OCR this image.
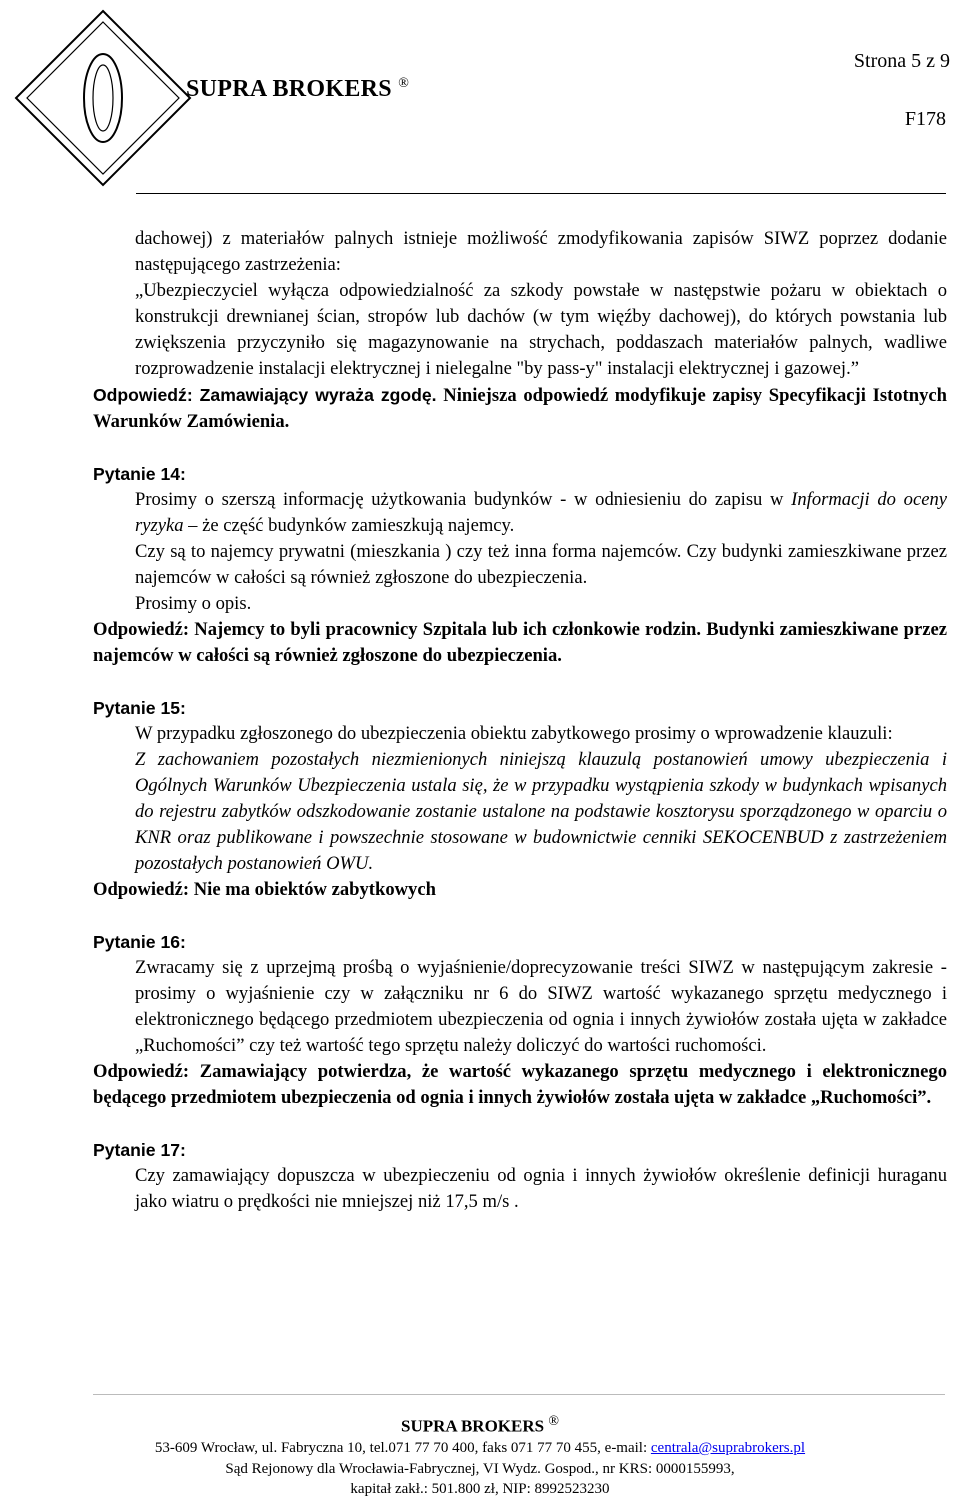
SUPRA BROKERS ®
Strona 5 z 9
F178

dachowej) z materiałów palnych istnieje możliwość zmodyfikowania zapisów SIWZ poprzez dodanie następującego zastrzeżenia:

„Ubezpieczyciel wyłącza odpowiedzialność za szkody powstałe w następstwie pożaru w obiektach o konstrukcji drewnianej ścian, stropów lub dachów (w tym więźby dachowej), do których powstania lub zwiększenia przyczyniło się magazynowanie na strychach, poddaszach materiałów palnych, wadliwe rozprowadzenie instalacji elektrycznej i nielegalne "by pass-y" instalacji elektrycznej i gazowej.”

Odpowiedź: Zamawiający wyraża zgodę. Niniejsza odpowiedź modyfikuje zapisy Specyfikacji Istotnych Warunków Zamówienia.

Pytanie 14:

Prosimy o szerszą informację użytkowania budynków - w odniesieniu do zapisu w Informacji do oceny ryzyka – że część budynków zamieszkują najemcy.

Czy są to najemcy prywatni (mieszkania ) czy też inna forma najemców. Czy budynki zamieszkiwane przez najemców w całości są również zgłoszone do ubezpieczenia.

Prosimy o opis.

Odpowiedź: Najemcy to byli pracownicy Szpitala lub ich członkowie rodzin. Budynki zamieszkiwane przez najemców w całości są również zgłoszone do ubezpieczenia.

Pytanie 15:

W przypadku zgłoszonego do ubezpieczenia obiektu zabytkowego prosimy o wprowadzenie klauzuli:

Z zachowaniem pozostałych niezmienionych niniejszą klauzulą postanowień umowy ubezpieczenia i Ogólnych Warunków Ubezpieczenia ustala się, że w przypadku wystąpienia szkody w budynkach wpisanych do rejestru zabytków odszkodowanie zostanie ustalone na podstawie kosztorysu sporządzonego w oparciu o KNR oraz publikowane i powszechnie stosowane w budownictwie cenniki SEKOCENBUD z zastrzeżeniem pozostałych postanowień OWU.

Odpowiedź: Nie ma obiektów zabytkowych

Pytanie 16:

Zwracamy się z uprzejmą prośbą o wyjaśnienie/doprecyzowanie treści SIWZ w następującym zakresie - prosimy o wyjaśnienie czy w załączniku nr 6 do SIWZ wartość wykazanego sprzętu medycznego i elektronicznego będącego przedmiotem ubezpieczenia od ognia i innych żywiołów została ujęta w zakładce „Ruchomości” czy też wartość tego sprzętu należy doliczyć do wartości ruchomości.

Odpowiedź: Zamawiający potwierdza, że wartość wykazanego sprzętu medycznego i elektronicznego będącego przedmiotem ubezpieczenia od ognia i innych żywiołów została ujęta w zakładce „Ruchomości”.

Pytanie 17:

Czy zamawiający dopuszcza w ubezpieczeniu od ognia i innych żywiołów określenie definicji huraganu jako wiatru o prędkości nie mniejszej niż 17,5 m/s .

SUPRA BROKERS ®
53-609 Wrocław, ul. Fabryczna 10, tel.071 77 70 400, faks 071 77 70 455, e-mail: centrala@suprabrokers.pl
Sąd Rejonowy dla Wrocławia-Fabrycznej, VI Wydz. Gospod., nr KRS: 0000155993,
kapitał zakł.: 501.800 zł, NIP: 8992523230
